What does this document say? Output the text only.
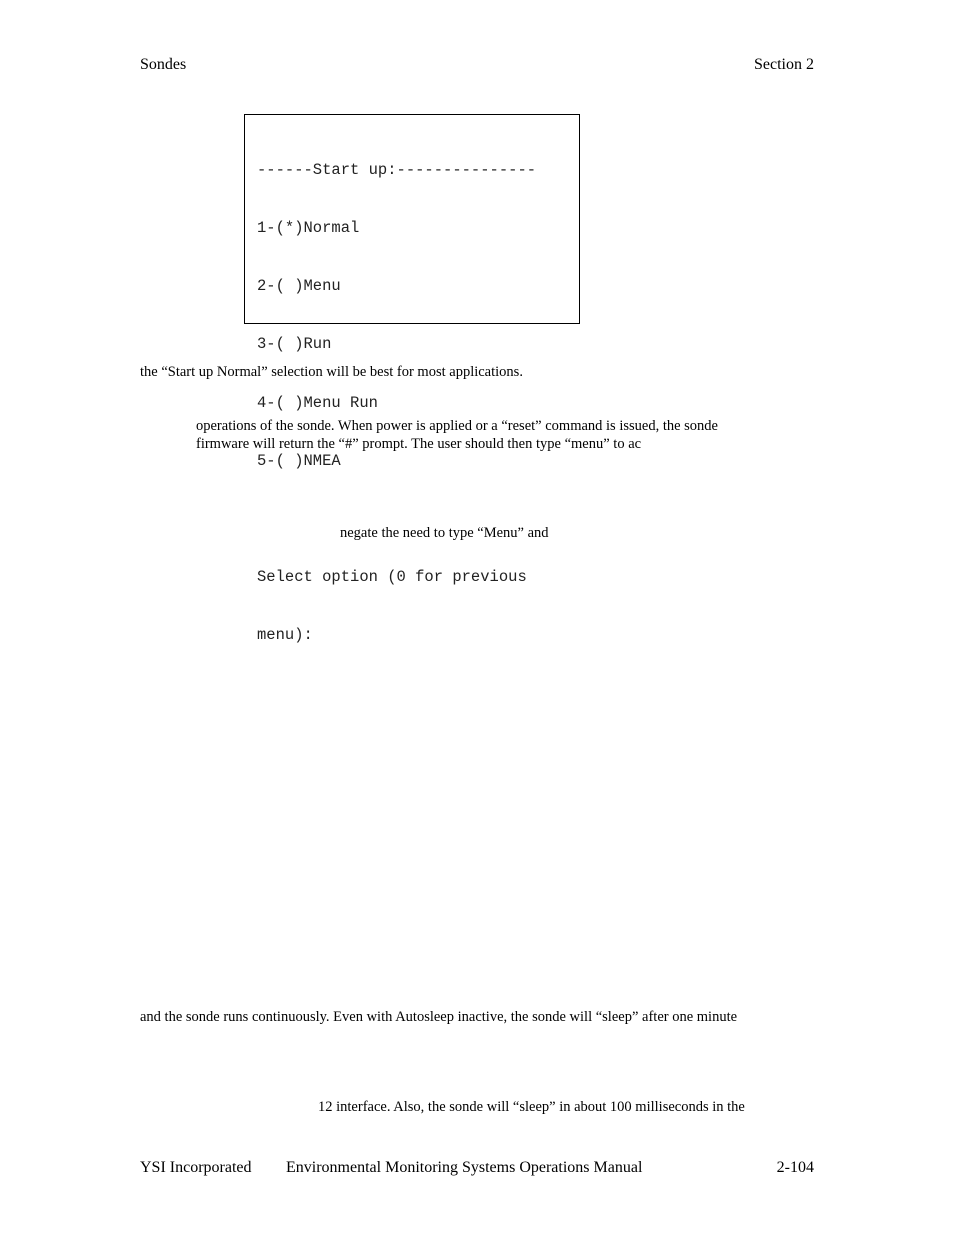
Sondes	Section 2

------Start up:---------------

1-(*)Normal

2-( )Menu

3-( )Run

4-( )Menu Run

5-( )NMEA

Select option (0 for previous

menu):

the “Start up Normal” selection will be best for most applications.
operations of the sonde. When power is applied or a “reset” command is issued, the sonde
firmware will return the “#” prompt. The user should then type “menu” to ac
negate the need to type “Menu” and
and the sonde runs continuously. Even with Autosleep inactive, the sonde will “sleep” after one minute
12 interface. Also, the sonde will “sleep” in about 100 milliseconds in the
YSI Incorporated Environmental Monitoring Systems Operations Manual	2-104
